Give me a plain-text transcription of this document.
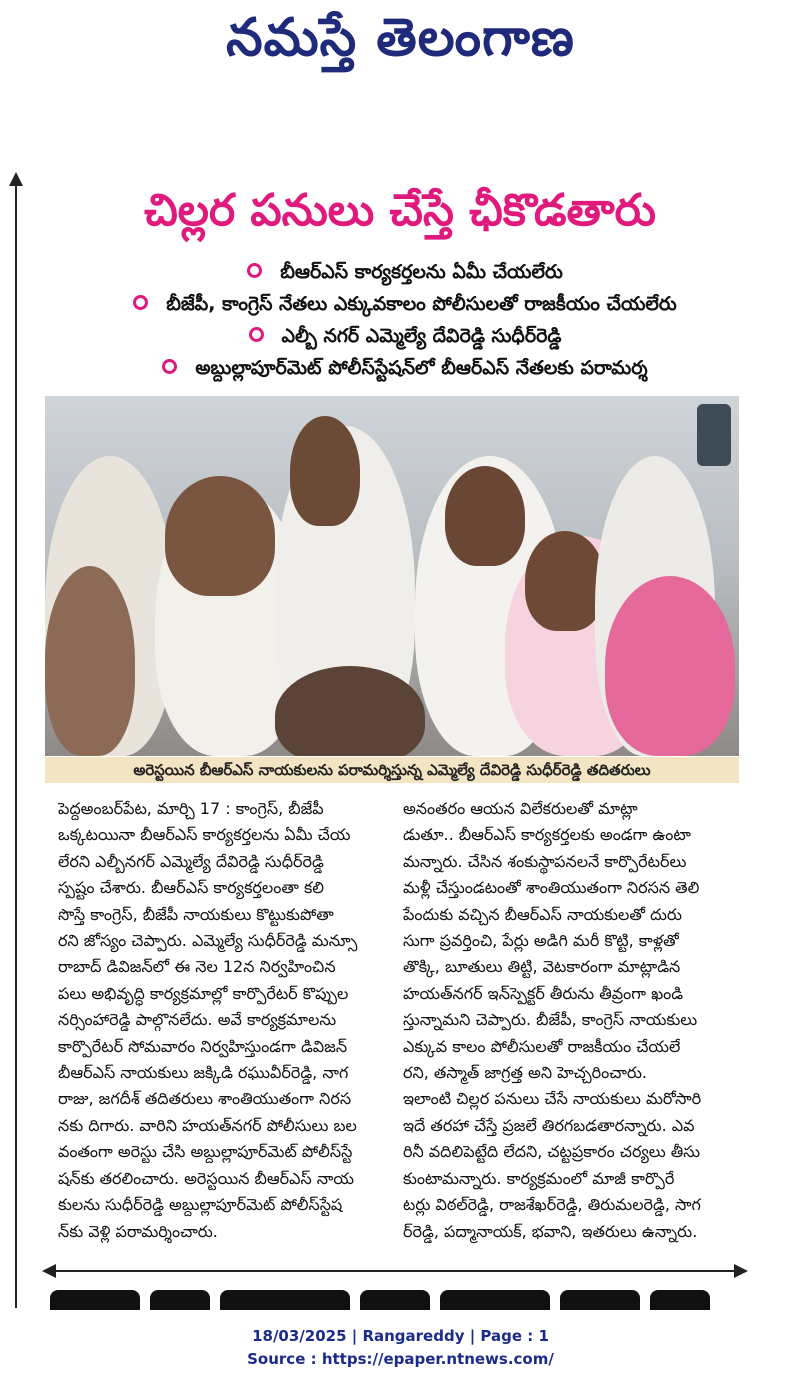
నమస్తే తెలంగాణ
చిల్లర పనులు చేస్తే ఛీకొడతారు
బీఆర్‌ఎస్ కార్యకర్తలను ఏమీ చేయలేరు
బీజేపీ, కాంగ్రెస్ నేతలు ఎక్కువకాలం పోలీసులతో రాజకీయం చేయలేరు
ఎల్బీ నగర్ ఎమ్మెల్యే దేవిరెడ్డి సుధీర్‌రెడ్డి
అబ్దుల్లాపూర్‌మెట్ పోలీస్‌స్టేషన్‌లో బీఆర్‌ఎస్ నేతలకు పరామర్శ
అరెస్టయిన బీఆర్‌ఎస్ నాయకులను పరామర్శిస్తున్న ఎమ్మెల్యే దేవిరెడ్డి సుధీర్‌రెడ్డి తదితరులు
పెద్దఅంబర్‌పేట, మార్చి 17 : కాంగ్రెస్, బీజేపీ
ఒక్కటయినా బీఆర్‌ఎస్ కార్యకర్తలను ఏమీ చేయ
లేరని ఎల్బీనగర్ ఎమ్మెల్యే దేవిరెడ్డి సుధీర్‌రెడ్డి
స్పష్టం చేశారు. బీఆర్‌ఎస్ కార్యకర్తలంతా కలి
సొస్తే కాంగ్రెస్, బీజేపీ నాయకులు కొట్టుకుపోతా
రని జోస్యం చెప్పారు. ఎమ్మెల్యే సుధీర్‌రెడ్డి మన్సూ
రాబాద్ డివిజన్‌లో ఈ నెల 12న నిర్వహించిన
పలు అభివృద్ధి కార్యక్రమాల్లో కార్పొరేటర్ కొప్పుల
నర్సింహారెడ్డి పాల్గొనలేదు. అవే కార్యక్రమాలను
కార్పొరేటర్ సోమవారం నిర్వహిస్తుండగా డివిజన్
బీఆర్‌ఎస్ నాయకులు జక్కిడి రఘువీర్‌రెడ్డి, నాగ
రాజు, జగదీశ్ తదితరులు శాంతియుతంగా నిరస
నకు దిగారు. వారిని హయత్‌నగర్ పోలీసులు బల
వంతంగా అరెస్టు చేసి అబ్దుల్లాపూర్‌మెట్ పోలీస్‌స్టే
షన్‌కు తరలించారు. అరెస్టయిన బీఆర్‌ఎస్ నాయ
కులను సుధీర్‌రెడ్డి అబ్దుల్లాపూర్‌మెట్ పోలీస్‌స్టేష
న్‌కు వెళ్లి పరామర్శించారు.
అనంతరం ఆయన విలేకరులతో మాట్లా
డుతూ.. బీఆర్‌ఎస్ కార్యకర్తలకు అండగా ఉంటా
మన్నారు. చేసిన శంకుస్థాపనలనే కార్పొరేటర్‌లు
మళ్లీ చేస్తుండటంతో శాంతియుతంగా నిరసన తెలి
పేందుకు వచ్చిన బీఆర్‌ఎస్ నాయకులతో దురు
సుగా ప్రవర్తించి, పేర్లు అడిగి మరీ కొట్టి, కాళ్లతో
తొక్కి, బూతులు తిట్టి, వెటకారంగా మాట్లాడిన
హయత్‌నగర్ ఇన్‌స్పెక్టర్ తీరును తీవ్రంగా ఖండి
స్తున్నామని చెప్పారు. బీజేపీ, కాంగ్రెస్ నాయకులు
ఎక్కువ కాలం పోలీసులతో రాజకీయం చేయలే
రని, తస్మాత్ జాగ్రత్త అని హెచ్చరించారు.
ఇలాంటి చిల్లర పనులు చేసే నాయకులు మరోసారి
ఇదే తరహా చేస్తే ప్రజలే తిరగబడతారన్నారు. ఎవ
రినీ వదిలిపెట్టేది లేదని, చట్టప్రకారం చర్యలు తీసు
కుంటామన్నారు. కార్యక్రమంలో మాజీ కార్పొరే
టర్లు విఠల్‌రెడ్డి, రాజశేఖర్‌రెడ్డి, తిరుమలరెడ్డి, సాగ
ర్‌రెడ్డి, పద్మానాయక్, భవాని, ఇతరులు ఉన్నారు.
18/03/2025 | Rangareddy | Page : 1
Source : https://epaper.ntnews.com/
